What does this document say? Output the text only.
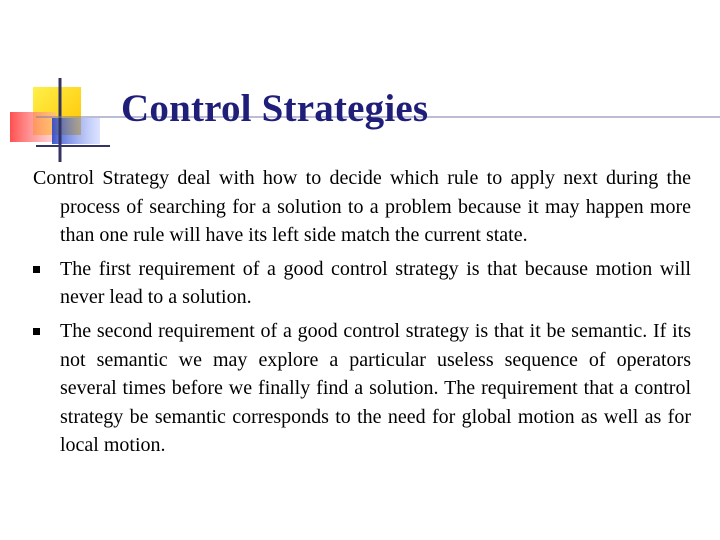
Control Strategies

Control Strategy deal with how to decide which rule to apply next during the process of searching for a solution to a problem because it may happen more than one rule will have its left side match the current state.

The first requirement of a good control strategy is that because motion will never lead to a solution.
The second requirement of a good control strategy is that it be semantic. If its not semantic we may explore a particular useless sequence of operators several times before we finally find a solution. The requirement that a control strategy be semantic corresponds to the need for global motion as well as for local motion.
